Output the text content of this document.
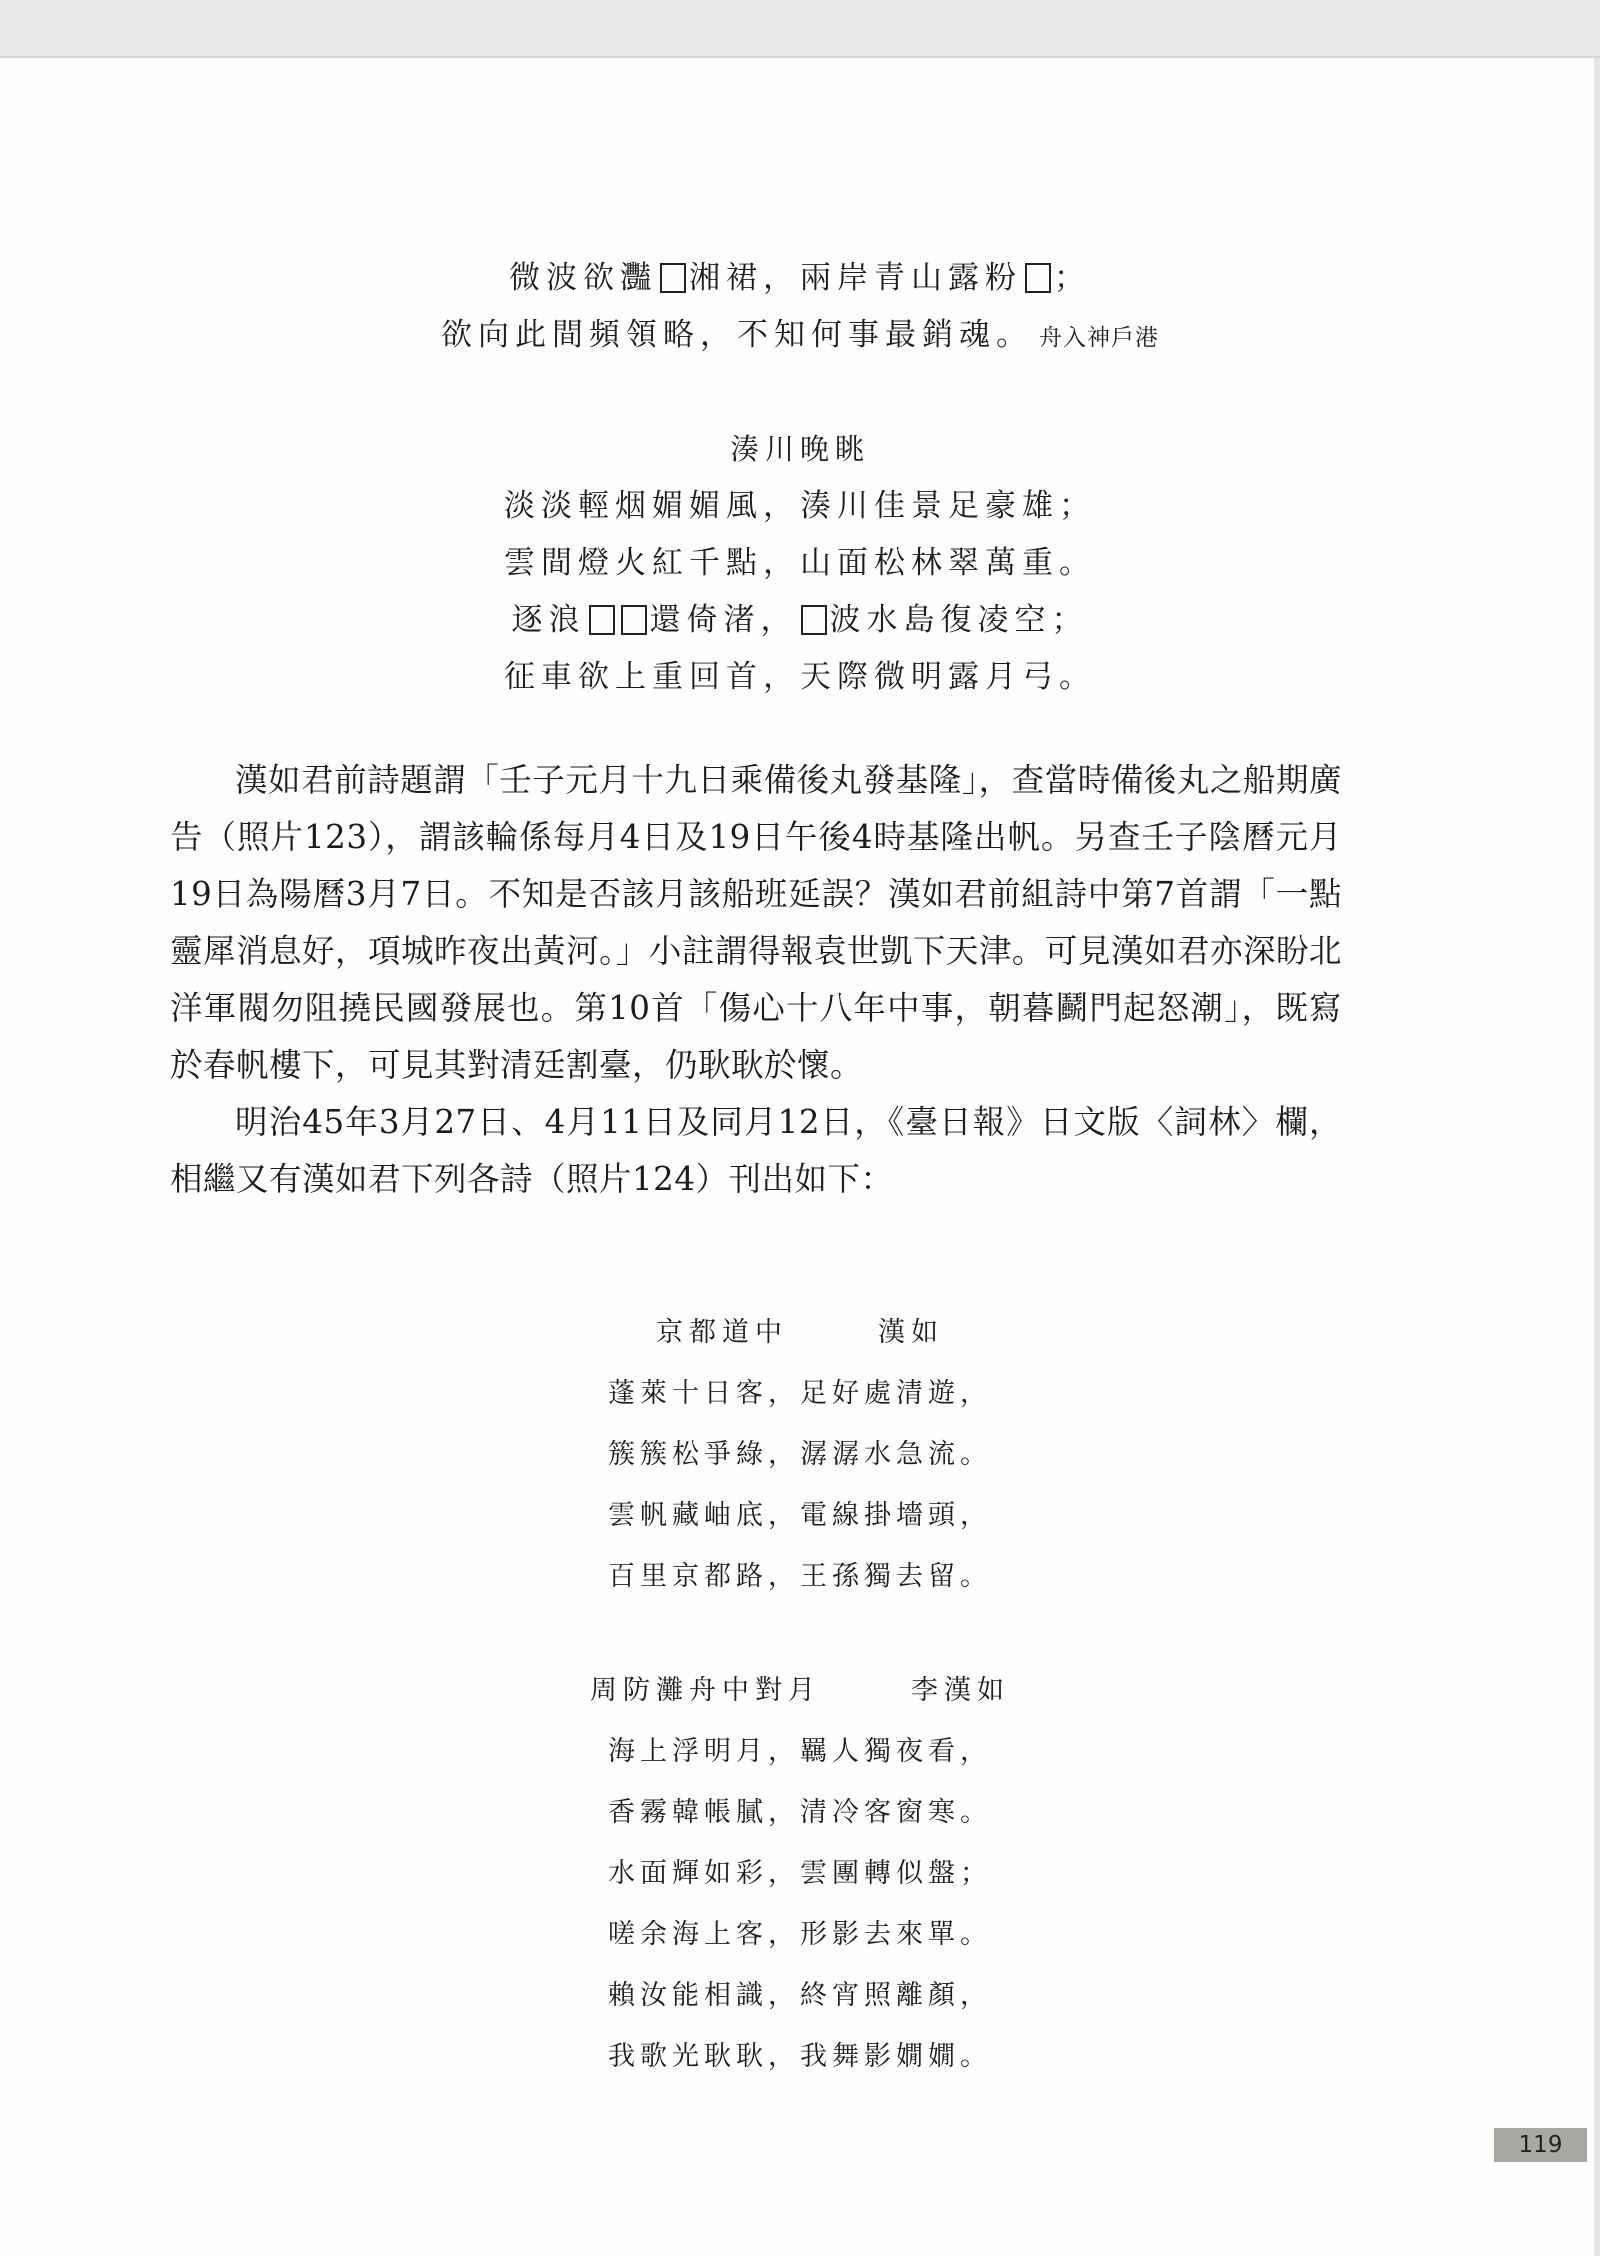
微波欲灩 湘裙，兩岸青山露粉 ；
欲向此間頻領略，不知何事最銷魂。 舟入神戶港
湊川晚眺
淡淡輕烟媚媚風，湊川佳景足豪雄；
雲間燈火紅千點，山面松林翠萬重。
逐浪 還倚渚， 波水島復凌空；
征車欲上重回首，天際微明露月弓。

漢如君前詩題謂「壬子元月十九日乘備後丸發基隆」，查當時備後丸之船期廣告（照片123），謂該輪係每月4日及19日午後4時基隆出帆。另查壬子陰曆元月19日為陽曆3月7日。不知是否該月該船班延誤？漢如君前組詩中第7首謂「一點靈犀消息好，項城昨夜出黃河。」小註謂得報袁世凱下天津。可見漢如君亦深盼北洋軍閥勿阻撓民國發展也。第10首「傷心十八年中事，朝暮鬬門起怒潮」，既寫於春帆樓下，可見其對清廷割臺，仍耿耿於懷。

明治45年3月27日、4月11日及同月12日，《臺日報》日文版〈詞林〉欄，相繼又有漢如君下列各詩（照片124）刊出如下：

京都道中	漢如
蓬萊十日客，足好處清遊，
簇簇松爭綠，潺潺水急流。
雲帆藏岫底，電線掛墻頭，
百里京都路，王孫獨去留。
周防灘舟中對月	李漢如
海上浮明月，羈人獨夜看，
香霧韓帳膩，清冷客窗寒。
水面輝如彩，雲團轉似盤；
嗟余海上客，形影去來單。
賴汝能相識，終宵照離顏，
我歌光耿耿，我舞影嫺嫺。
119
